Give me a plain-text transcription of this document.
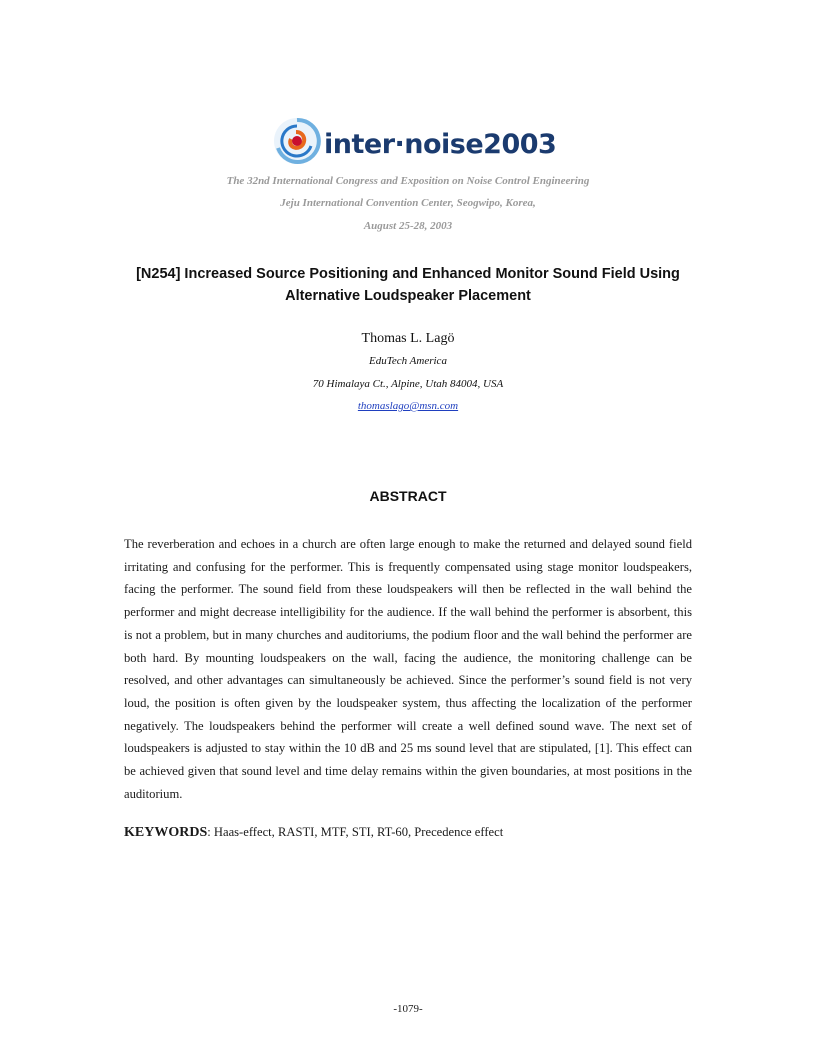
inter·noise2003
The 32nd International Congress and Exposition on Noise Control Engineering
Jeju International Convention Center, Seogwipo, Korea,
August 25-28, 2003
[N254] Increased Source Positioning and Enhanced Monitor Sound Field Using Alternative Loudspeaker Placement
Thomas L. Lagö
EduTech America
70 Himalaya Ct., Alpine, Utah 84004, USA
thomaslago@msn.com
ABSTRACT

The reverberation and echoes in a church are often large enough to make the returned and delayed sound field irritating and confusing for the performer. This is frequently compensated using stage monitor loudspeakers, facing the performer. The sound field from these loudspeakers will then be reflected in the wall behind the performer and might decrease intelligibility for the audience. If the wall behind the performer is absorbent, this is not a problem, but in many churches and auditoriums, the podium floor and the wall behind the performer are both hard. By mounting loudspeakers on the wall, facing the audience, the monitoring challenge can be resolved, and other advantages can simultaneously be achieved. Since the performer’s sound field is not very loud, the position is often given by the loudspeaker system, thus affecting the localization of the performer negatively. The loudspeakers behind the performer will create a well defined sound wave. The next set of loudspeakers is adjusted to stay within the 10 dB and 25 ms sound level that are stipulated, [1]. This effect can be achieved given that sound level and time delay remains within the given boundaries, at most positions in the auditorium.

KEYWORDS: Haas-effect, RASTI, MTF, STI, RT-60, Precedence effect
-1079-
